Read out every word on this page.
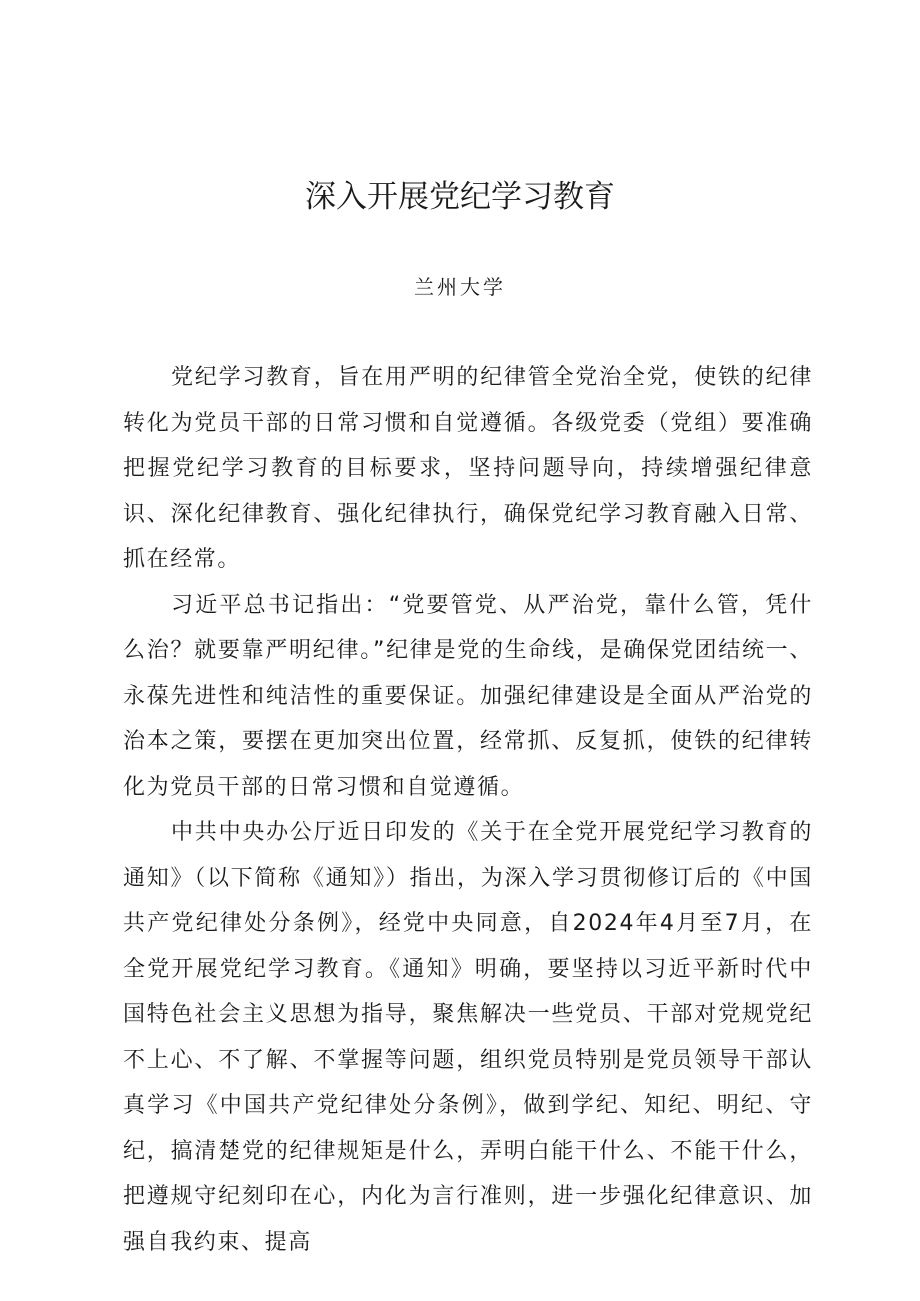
深入开展党纪学习教育

兰州大学

党纪学习教育，旨在用严明的纪律管全党治全党，使铁的纪律转化为党员干部的日常习惯和自觉遵循。各级党委（党组）要准确把握党纪学习教育的目标要求，坚持问题导向，持续增强纪律意识、深化纪律教育、强化纪律执行，确保党纪学习教育融入日常、抓在经常。

习近平总书记指出：“党要管党、从严治党，靠什么管，凭什么治？就要靠严明纪律。”纪律是党的生命线，是确保党团结统一、永葆先进性和纯洁性的重要保证。加强纪律建设是全面从严治党的治本之策，要摆在更加突出位置，经常抓、反复抓，使铁的纪律转化为党员干部的日常习惯和自觉遵循。

中共中央办公厅近日印发的《关于在全党开展党纪学习教育的通知》（以下简称《通知》）指出，为深入学习贯彻修订后的《中国共产党纪律处分条例》，经党中央同意，自2024年4月至7月，在全党开展党纪学习教育。《通知》明确，要坚持以习近平新时代中国特色社会主义思想为指导，聚焦解决一些党员、干部对党规党纪不上心、不了解、不掌握等问题，组织党员特别是党员领导干部认真学习《中国共产党纪律处分条例》，做到学纪、知纪、明纪、守纪，搞清楚党的纪律规矩是什么，弄明白能干什么、不能干什么，把遵规守纪刻印在心，内化为言行准则，进一步强化纪律意识、加强自我约束、提高
